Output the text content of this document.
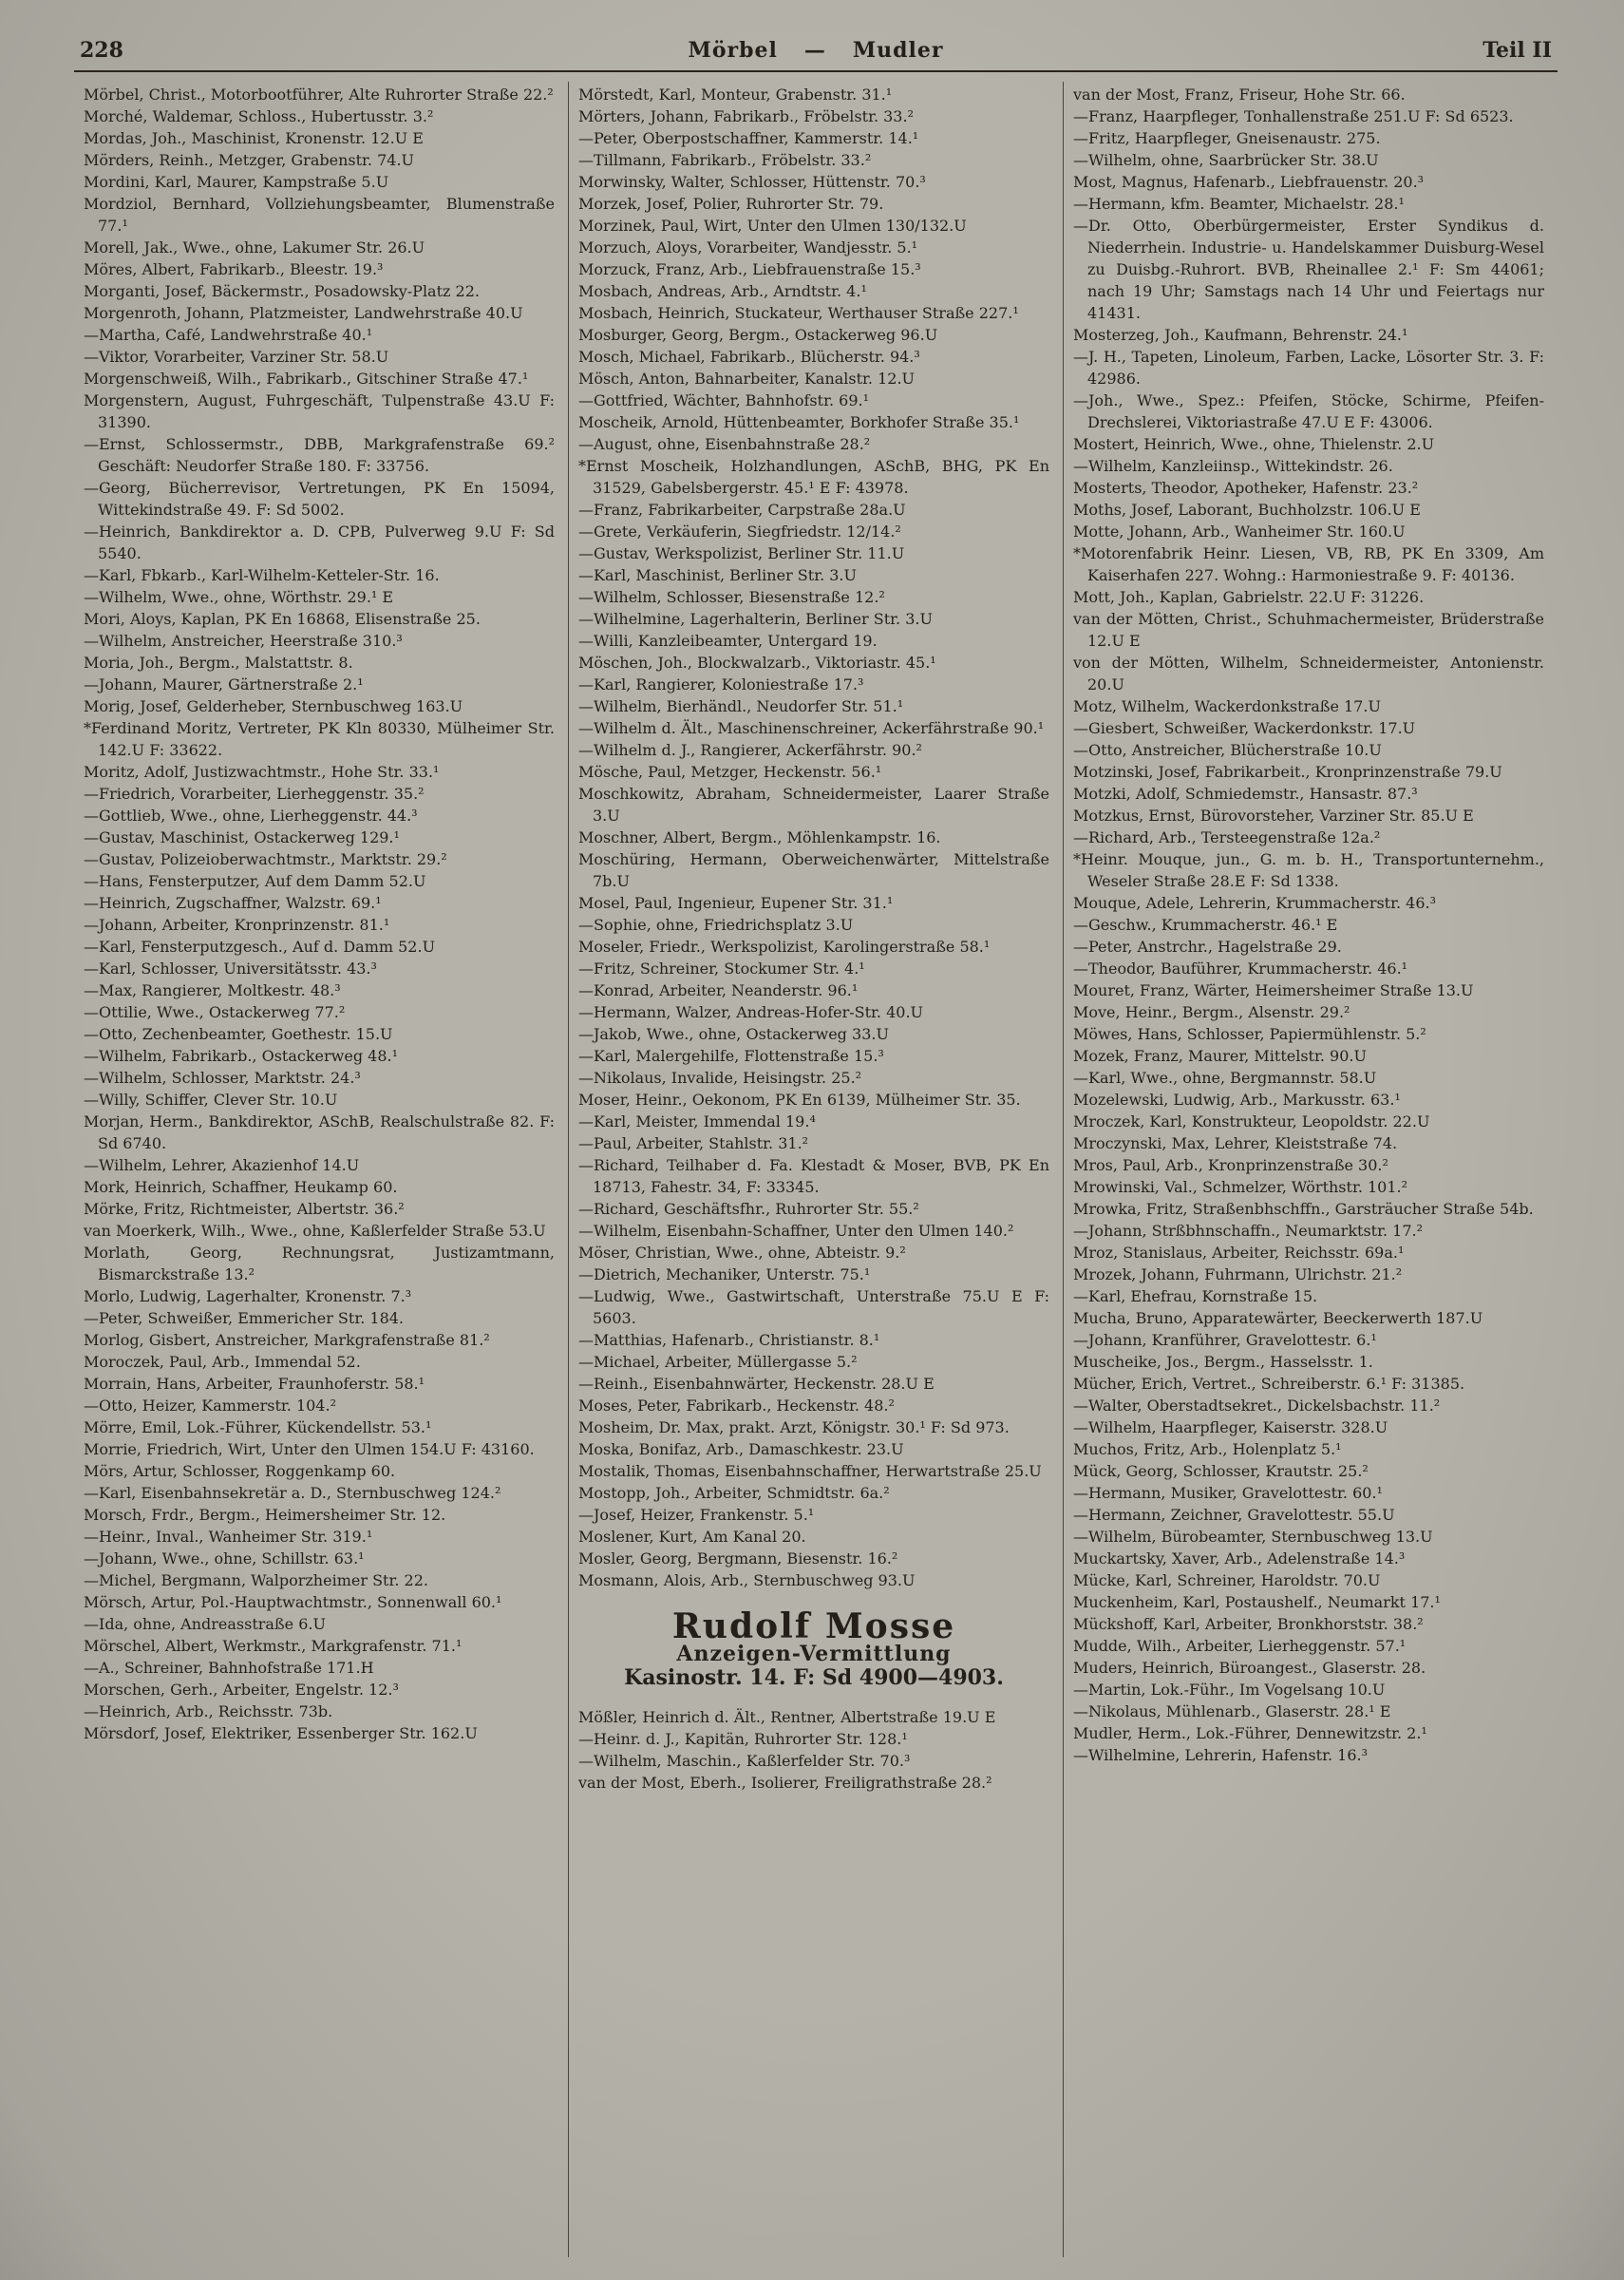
228	Mörbel — Mudler	Teil II

Mörbel, Christ., Motorbootführer, Alte Ruhrorter Straße 22.²

Morché, Waldemar, Schloss., Hubertusstr. 3.²

Mordas, Joh., Maschinist, Kronenstr. 12.U E

Mörders, Reinh., Metzger, Grabenstr. 74.U

Mordini, Karl, Maurer, Kampstraße 5.U

Mordziol, Bernhard, Vollziehungsbeamter, Blumenstraße 77.¹

Morell, Jak., Wwe., ohne, Lakumer Str. 26.U

Möres, Albert, Fabrikarb., Bleestr. 19.³

Morganti, Josef, Bäckermstr., Posadowsky-Platz 22.

Morgenroth, Johann, Platzmeister, Landwehrstraße 40.U

—Martha, Café, Landwehrstraße 40.¹

—Viktor, Vorarbeiter, Varziner Str. 58.U

Morgenschweiß, Wilh., Fabrikarb., Gitschiner Straße 47.¹

Morgenstern, August, Fuhrgeschäft, Tulpenstraße 43.U F: 31390.

—Ernst, Schlossermstr., DBB, Markgrafenstraße 69.² Geschäft: Neudorfer Straße 180. F: 33756.

—Georg, Bücherrevisor, Vertretungen, PK En 15094, Wittekindstraße 49. F: Sd 5002.

—Heinrich, Bankdirektor a. D. CPB, Pulverweg 9.U F: Sd 5540.

—Karl, Fbkarb., Karl-Wilhelm-Ketteler-Str. 16.

—Wilhelm, Wwe., ohne, Wörthstr. 29.¹ E

Mori, Aloys, Kaplan, PK En 16868, Elisenstraße 25.

—Wilhelm, Anstreicher, Heerstraße 310.³

Moria, Joh., Bergm., Malstattstr. 8.

—Johann, Maurer, Gärtnerstraße 2.¹

Morig, Josef, Gelderheber, Sternbuschweg 163.U

*Ferdinand Moritz, Vertreter, PK Kln 80330, Mülheimer Str. 142.U F: 33622.

Moritz, Adolf, Justizwachtmstr., Hohe Str. 33.¹

—Friedrich, Vorarbeiter, Lierheggenstr. 35.²

—Gottlieb, Wwe., ohne, Lierheggenstr. 44.³

—Gustav, Maschinist, Ostackerweg 129.¹

—Gustav, Polizeioberwachtmstr., Marktstr. 29.²

—Hans, Fensterputzer, Auf dem Damm 52.U

—Heinrich, Zugschaffner, Walzstr. 69.¹

—Johann, Arbeiter, Kronprinzenstr. 81.¹

—Karl, Fensterputzgesch., Auf d. Damm 52.U

—Karl, Schlosser, Universitätsstr. 43.³

—Max, Rangierer, Moltkestr. 48.³

—Ottilie, Wwe., Ostackerweg 77.²

—Otto, Zechenbeamter, Goethestr. 15.U

—Wilhelm, Fabrikarb., Ostackerweg 48.¹

—Wilhelm, Schlosser, Marktstr. 24.³

—Willy, Schiffer, Clever Str. 10.U

Morjan, Herm., Bankdirektor, ASchB, Realschulstraße 82. F: Sd 6740.

—Wilhelm, Lehrer, Akazienhof 14.U

Mork, Heinrich, Schaffner, Heukamp 60.

Mörke, Fritz, Richtmeister, Albertstr. 36.²

van Moerkerk, Wilh., Wwe., ohne, Kaßlerfelder Straße 53.U

Morlath, Georg, Rechnungsrat, Justizamtmann, Bismarckstraße 13.²

Morlo, Ludwig, Lagerhalter, Kronenstr. 7.³

—Peter, Schweißer, Emmericher Str. 184.

Morlog, Gisbert, Anstreicher, Markgrafenstraße 81.²

Moroczek, Paul, Arb., Immendal 52.

Morrain, Hans, Arbeiter, Fraunhoferstr. 58.¹

—Otto, Heizer, Kammerstr. 104.²

Mörre, Emil, Lok.-Führer, Kückendellstr. 53.¹

Morrie, Friedrich, Wirt, Unter den Ulmen 154.U F: 43160.

Mörs, Artur, Schlosser, Roggenkamp 60.

—Karl, Eisenbahnsekretär a. D., Sternbuschweg 124.²

Morsch, Frdr., Bergm., Heimersheimer Str. 12.

—Heinr., Inval., Wanheimer Str. 319.¹

—Johann, Wwe., ohne, Schillstr. 63.¹

—Michel, Bergmann, Walporzheimer Str. 22.

Mörsch, Artur, Pol.-Hauptwachtmstr., Sonnenwall 60.¹

—Ida, ohne, Andreasstraße 6.U

Mörschel, Albert, Werkmstr., Markgrafenstr. 71.¹

—A., Schreiner, Bahnhofstraße 171.H

Morschen, Gerh., Arbeiter, Engelstr. 12.³

—Heinrich, Arb., Reichsstr. 73b.

Mörsdorf, Josef, Elektriker, Essenberger Str. 162.U

Mörstedt, Karl, Monteur, Grabenstr. 31.¹

Mörters, Johann, Fabrikarb., Fröbelstr. 33.²

—Peter, Oberpostschaffner, Kammerstr. 14.¹

—Tillmann, Fabrikarb., Fröbelstr. 33.²

Morwinsky, Walter, Schlosser, Hüttenstr. 70.³

Morzek, Josef, Polier, Ruhrorter Str. 79.

Morzinek, Paul, Wirt, Unter den Ulmen 130/132.U

Morzuch, Aloys, Vorarbeiter, Wandjesstr. 5.¹

Morzuck, Franz, Arb., Liebfrauenstraße 15.³

Mosbach, Andreas, Arb., Arndtstr. 4.¹

Mosbach, Heinrich, Stuckateur, Werthauser Straße 227.¹

Mosburger, Georg, Bergm., Ostackerweg 96.U

Mosch, Michael, Fabrikarb., Blücherstr. 94.³

Mösch, Anton, Bahnarbeiter, Kanalstr. 12.U

—Gottfried, Wächter, Bahnhofstr. 69.¹

Moscheik, Arnold, Hüttenbeamter, Borkhofer Straße 35.¹

—August, ohne, Eisenbahnstraße 28.²

*Ernst Moscheik, Holzhandlungen, ASchB, BHG, PK En 31529, Gabelsbergerstr. 45.¹ E F: 43978.

—Franz, Fabrikarbeiter, Carpstraße 28a.U

—Grete, Verkäuferin, Siegfriedstr. 12/14.²

—Gustav, Werkspolizist, Berliner Str. 11.U

—Karl, Maschinist, Berliner Str. 3.U

—Wilhelm, Schlosser, Biesenstraße 12.²

—Wilhelmine, Lagerhalterin, Berliner Str. 3.U

—Willi, Kanzleibeamter, Untergard 19.

Möschen, Joh., Blockwalzarb., Viktoriastr. 45.¹

—Karl, Rangierer, Koloniestraße 17.³

—Wilhelm, Bierhändl., Neudorfer Str. 51.¹

—Wilhelm d. Ält., Maschinenschreiner, Ackerfährstraße 90.¹

—Wilhelm d. J., Rangierer, Ackerfährstr. 90.²

Mösche, Paul, Metzger, Heckenstr. 56.¹

Moschkowitz, Abraham, Schneidermeister, Laarer Straße 3.U

Moschner, Albert, Bergm., Möhlenkampstr. 16.

Moschüring, Hermann, Oberweichenwärter, Mittelstraße 7b.U

Mosel, Paul, Ingenieur, Eupener Str. 31.¹

—Sophie, ohne, Friedrichsplatz 3.U

Moseler, Friedr., Werkspolizist, Karolingerstraße 58.¹

—Fritz, Schreiner, Stockumer Str. 4.¹

—Konrad, Arbeiter, Neanderstr. 96.¹

—Hermann, Walzer, Andreas-Hofer-Str. 40.U

—Jakob, Wwe., ohne, Ostackerweg 33.U

—Karl, Malergehilfe, Flottenstraße 15.³

—Nikolaus, Invalide, Heisingstr. 25.²

Moser, Heinr., Oekonom, PK En 6139, Mülheimer Str. 35.

—Karl, Meister, Immendal 19.⁴

—Paul, Arbeiter, Stahlstr. 31.²

—Richard, Teilhaber d. Fa. Klestadt & Moser, BVB, PK En 18713, Fahestr. 34, F: 33345.

—Richard, Geschäftsfhr., Ruhrorter Str. 55.²

—Wilhelm, Eisenbahn-Schaffner, Unter den Ulmen 140.²

Möser, Christian, Wwe., ohne, Abteistr. 9.²

—Dietrich, Mechaniker, Unterstr. 75.¹

—Ludwig, Wwe., Gastwirtschaft, Unterstraße 75.U E F: 5603.

—Matthias, Hafenarb., Christianstr. 8.¹

—Michael, Arbeiter, Müllergasse 5.²

—Reinh., Eisenbahnwärter, Heckenstr. 28.U E

Moses, Peter, Fabrikarb., Heckenstr. 48.²

Mosheim, Dr. Max, prakt. Arzt, Königstr. 30.¹ F: Sd 973.

Moska, Bonifaz, Arb., Damaschkestr. 23.U

Mostalik, Thomas, Eisenbahnschaffner, Herwartstraße 25.U

Mostopp, Joh., Arbeiter, Schmidtstr. 6a.²

—Josef, Heizer, Frankenstr. 5.¹

Moslener, Kurt, Am Kanal 20.

Mosler, Georg, Bergmann, Biesenstr. 16.²

Mosmann, Alois, Arb., Sternbuschweg 93.U

Rudolf Mosse

Anzeigen-Vermittlung

Kasinostr. 14. F: Sd 4900—4903.

Mößler, Heinrich d. Ält., Rentner, Albertstraße 19.U E

—Heinr. d. J., Kapitän, Ruhrorter Str. 128.¹

—Wilhelm, Maschin., Kaßlerfelder Str. 70.³

van der Most, Eberh., Isolierer, Freiligrathstraße 28.²

van der Most, Franz, Friseur, Hohe Str. 66.

—Franz, Haarpfleger, Tonhallenstraße 251.U F: Sd 6523.

—Fritz, Haarpfleger, Gneisenaustr. 275.

—Wilhelm, ohne, Saarbrücker Str. 38.U

Most, Magnus, Hafenarb., Liebfrauenstr. 20.³

—Hermann, kfm. Beamter, Michaelstr. 28.¹

—Dr. Otto, Oberbürgermeister, Erster Syndikus d. Niederrhein. Industrie- u. Handelskammer Duisburg-Wesel zu Duisbg.-Ruhrort. BVB, Rheinallee 2.¹ F: Sm 44061; nach 19 Uhr; Samstags nach 14 Uhr und Feiertags nur 41431.

Mosterzeg, Joh., Kaufmann, Behrenstr. 24.¹

—J. H., Tapeten, Linoleum, Farben, Lacke, Lösorter Str. 3. F: 42986.

—Joh., Wwe., Spez.: Pfeifen, Stöcke, Schirme, Pfeifen-Drechslerei, Viktoriastraße 47.U E F: 43006.

Mostert, Heinrich, Wwe., ohne, Thielenstr. 2.U

—Wilhelm, Kanzleiinsp., Wittekindstr. 26.

Mosterts, Theodor, Apotheker, Hafenstr. 23.²

Moths, Josef, Laborant, Buchholzstr. 106.U E

Motte, Johann, Arb., Wanheimer Str. 160.U

*Motorenfabrik Heinr. Liesen, VB, RB, PK En 3309, Am Kaiserhafen 227. Wohng.: Harmoniestraße 9. F: 40136.

Mott, Joh., Kaplan, Gabrielstr. 22.U F: 31226.

van der Mötten, Christ., Schuhmachermeister, Brüderstraße 12.U E

von der Mötten, Wilhelm, Schneidermeister, Antonienstr. 20.U

Motz, Wilhelm, Wackerdonkstraße 17.U

—Giesbert, Schweißer, Wackerdonkstr. 17.U

—Otto, Anstreicher, Blücherstraße 10.U

Motzinski, Josef, Fabrikarbeit., Kronprinzenstraße 79.U

Motzki, Adolf, Schmiedemstr., Hansastr. 87.³

Motzkus, Ernst, Bürovorsteher, Varziner Str. 85.U E

—Richard, Arb., Tersteegenstraße 12a.²

*Heinr. Mouque, jun., G. m. b. H., Transportunternehm., Weseler Straße 28.E F: Sd 1338.

Mouque, Adele, Lehrerin, Krummacherstr. 46.³

—Geschw., Krummacherstr. 46.¹ E

—Peter, Anstrchr., Hagelstraße 29.

—Theodor, Bauführer, Krummacherstr. 46.¹

Mouret, Franz, Wärter, Heimersheimer Straße 13.U

Move, Heinr., Bergm., Alsenstr. 29.²

Möwes, Hans, Schlosser, Papiermühlenstr. 5.²

Mozek, Franz, Maurer, Mittelstr. 90.U

—Karl, Wwe., ohne, Bergmannstr. 58.U

Mozelewski, Ludwig, Arb., Markusstr. 63.¹

Mroczek, Karl, Konstrukteur, Leopoldstr. 22.U

Mroczynski, Max, Lehrer, Kleiststraße 74.

Mros, Paul, Arb., Kronprinzenstraße 30.²

Mrowinski, Val., Schmelzer, Wörthstr. 101.²

Mrowka, Fritz, Straßenbhschffn., Garsträucher Straße 54b.

—Johann, Strßbhnschaffn., Neumarktstr. 17.²

Mroz, Stanislaus, Arbeiter, Reichsstr. 69a.¹

Mrozek, Johann, Fuhrmann, Ulrichstr. 21.²

—Karl, Ehefrau, Kornstraße 15.

Mucha, Bruno, Apparatewärter, Beeckerwerth 187.U

—Johann, Kranführer, Gravelottestr. 6.¹

Muscheike, Jos., Bergm., Hasselsstr. 1.

Mücher, Erich, Vertret., Schreiberstr. 6.¹ F: 31385.

—Walter, Oberstadtsekret., Dickelsbachstr. 11.²

—Wilhelm, Haarpfleger, Kaiserstr. 328.U

Muchos, Fritz, Arb., Holenplatz 5.¹

Mück, Georg, Schlosser, Krautstr. 25.²

—Hermann, Musiker, Gravelottestr. 60.¹

—Hermann, Zeichner, Gravelottestr. 55.U

—Wilhelm, Bürobeamter, Sternbuschweg 13.U

Muckartsky, Xaver, Arb., Adelenstraße 14.³

Mücke, Karl, Schreiner, Haroldstr. 70.U

Muckenheim, Karl, Postaushelf., Neumarkt 17.¹

Mückshoff, Karl, Arbeiter, Bronkhorststr. 38.²

Mudde, Wilh., Arbeiter, Lierheggenstr. 57.¹

Muders, Heinrich, Büroangest., Glaserstr. 28.

—Martin, Lok.-Führ., Im Vogelsang 10.U

—Nikolaus, Mühlenarb., Glaserstr. 28.¹ E

Mudler, Herm., Lok.-Führer, Dennewitzstr. 2.¹

—Wilhelmine, Lehrerin, Hafenstr. 16.³
